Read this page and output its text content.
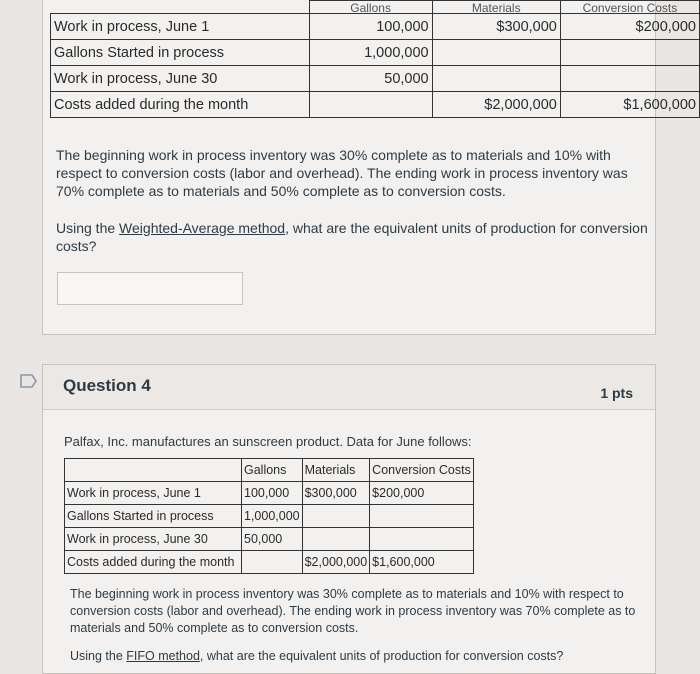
	Gallons	Materials	Conversion Costs
Work in process, June 1	100,000	$300,000	$200,000
Gallons Started in process	1,000,000		
Work in process, June 30	50,000		
Costs added during the month		$2,000,000	$1,600,000

The beginning work in process inventory was 30% complete as to materials and 10% with respect to conversion costs (labor and overhead). The ending work in process inventory was 70% complete as to materials and 50% complete as to conversion costs.

Using the Weighted-Average method, what are the equivalent units of production for conversion costs?

Question 4	1 pts
Palfax, Inc. manufactures an sunscreen product. Data for June follows:
	Gallons	Materials	Conversion Costs
Work in process, June 1	100,000	$300,000	$200,000
Gallons Started in process	1,000,000		
Work in process, June 30	50,000		
Costs added during the month		$2,000,000	$1,600,000

The beginning work in process inventory was 30% complete as to materials and 10% with respect to conversion costs (labor and overhead). The ending work in process inventory was 70% complete as to materials and 50% complete as to conversion costs.

Using the FIFO method, what are the equivalent units of production for conversion costs?
